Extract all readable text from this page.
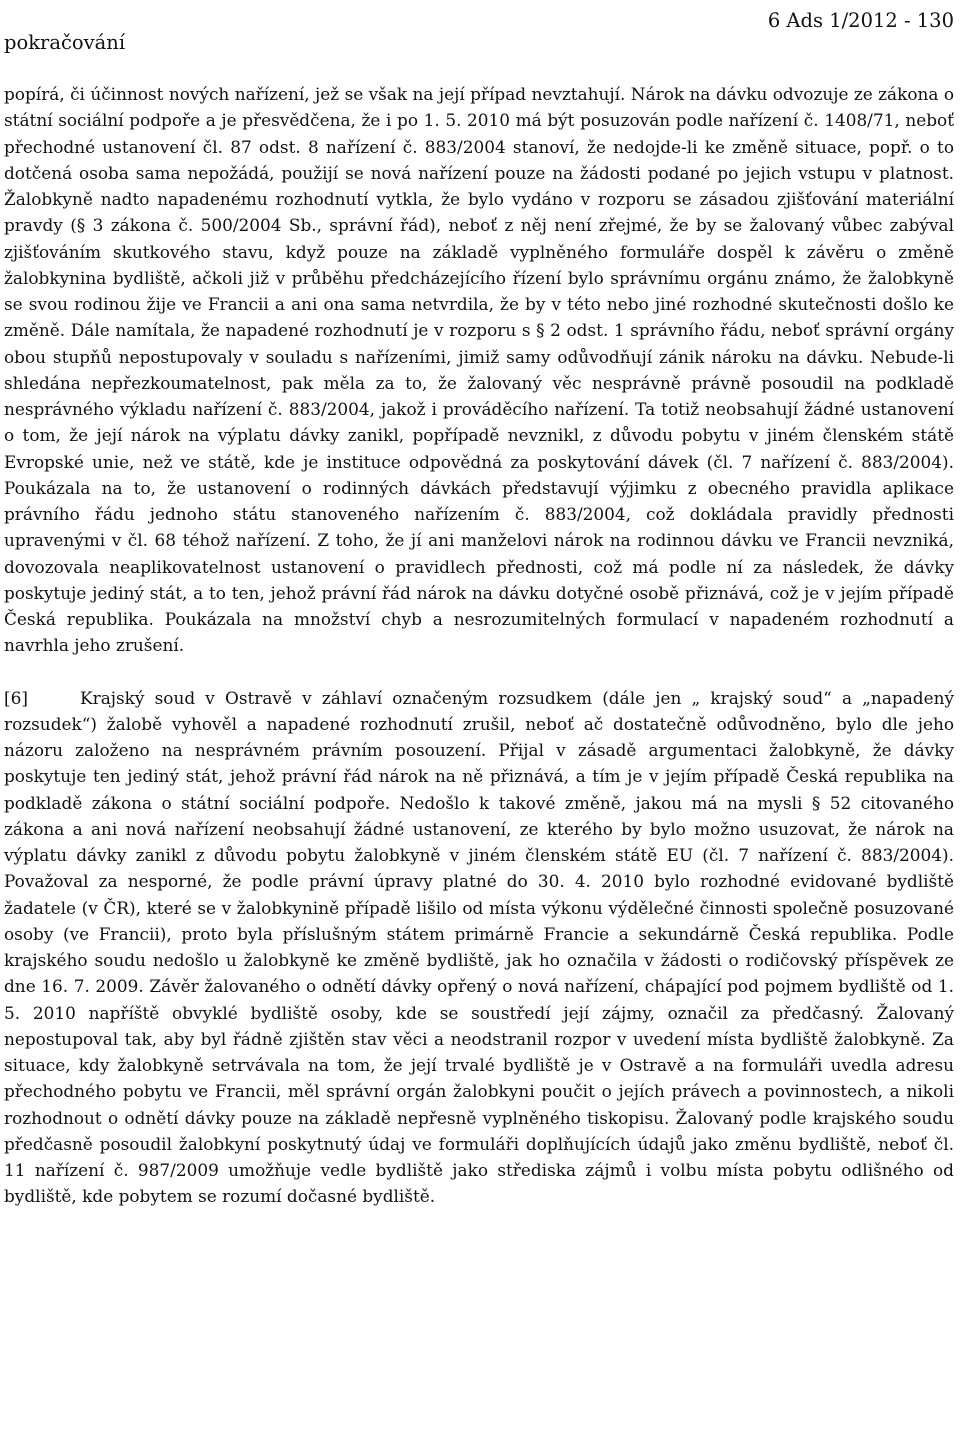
pokračování
6 Ads 1/2012 - 130

popírá, či účinnost nových nařízení, jež se však na její případ nevztahují. Nárok na dávku odvozuje ze zákona o státní sociální podpoře a je přesvědčena, že i po 1. 5. 2010 má být posuzován podle nařízení č. 1408/71, neboť přechodné ustanovení čl. 87 odst. 8 nařízení č. 883/2004 stanoví, že nedojde-li ke změně situace, popř. o to dotčená osoba sama nepožádá, použijí se nová nařízení pouze na žádosti podané po jejich vstupu v platnost. Žalobkyně nadto napadenému rozhodnutí vytkla, že bylo vydáno v rozporu se zásadou zjišťování materiální pravdy (§ 3 zákona č. 500/2004 Sb., správní řád), neboť z něj není zřejmé, že by se žalovaný vůbec zabýval zjišťováním skutkového stavu, když pouze na základě vyplněného formuláře dospěl k závěru o změně žalobkynina bydliště, ačkoli již v průběhu předcházejícího řízení bylo správnímu orgánu známo, že žalobkyně se svou rodinou žije ve Francii a ani ona sama netvrdila, že by v této nebo jiné rozhodné skutečnosti došlo ke změně. Dále namítala, že napadené rozhodnutí je v rozporu s § 2 odst. 1 správního řádu, neboť správní orgány obou stupňů nepostupovaly v souladu s nařízeními, jimiž samy odůvodňují zánik nároku na dávku. Nebude-li shledána nepřezkoumatelnost, pak měla za to, že žalovaný věc nesprávně právně posoudil na podkladě nesprávného výkladu nařízení č. 883/2004, jakož i prováděcího nařízení. Ta totiž neobsahují žádné ustanovení o tom, že její nárok na výplatu dávky zanikl, popřípadě nevznikl, z důvodu pobytu v jiném členském státě Evropské unie, než ve státě, kde je instituce odpovědná za poskytování dávek (čl. 7 nařízení č. 883/2004). Poukázala na to, že ustanovení o rodinných dávkách představují výjimku z obecného pravidla aplikace právního řádu jednoho státu stanoveného nařízením č. 883/2004, což dokládala pravidly přednosti upravenými v čl. 68 téhož nařízení. Z toho, že jí ani manželovi nárok na rodinnou dávku ve Francii nevzniká, dovozovala neaplikovatelnost ustanovení o pravidlech přednosti, což má podle ní za následek, že dávky poskytuje jediný stát, a to ten, jehož právní řád nárok na dávku dotyčné osobě přiznává, což je v jejím případě Česká republika. Poukázala na množství chyb a nesrozumitelných formulací v napadeném rozhodnutí a navrhla jeho zrušení.

[6]	Krajský soud v Ostravě v záhlaví označeným rozsudkem (dále jen „ krajský soud“ a „napadený rozsudek“) žalobě vyhověl a napadené rozhodnutí zrušil, neboť ač dostatečně odůvodněno, bylo dle jeho názoru založeno na nesprávném právním posouzení. Přijal v zásadě argumentaci žalobkyně, že dávky poskytuje ten jediný stát, jehož právní řád nárok na ně přiznává, a tím je v jejím případě Česká republika na podkladě zákona o státní sociální podpoře. Nedošlo k takové změně, jakou má na mysli § 52 citovaného zákona a ani nová nařízení neobsahují žádné ustanovení, ze kterého by bylo možno usuzovat, že nárok na výplatu dávky zanikl z důvodu pobytu žalobkyně v jiném členském státě EU (čl. 7 nařízení č. 883/2004). Považoval za nesporné, že podle právní úpravy platné do 30. 4. 2010 bylo rozhodné evidované bydliště žadatele (v ČR), které se v žalobkynině případě lišilo od místa výkonu výdělečné činnosti společně posuzované osoby (ve Francii), proto byla příslušným státem primárně Francie a sekundárně Česká republika. Podle krajského soudu nedošlo u žalobkyně ke změně bydliště, jak ho označila v žádosti o rodičovský příspěvek ze dne 16. 7. 2009. Závěr žalovaného o odnětí dávky opřený o nová nařízení, chápající pod pojmem bydliště od 1. 5. 2010 napříště obvyklé bydliště osoby, kde se soustředí její zájmy, označil za předčasný. Žalovaný nepostupoval tak, aby byl řádně zjištěn stav věci a neodstranil rozpor v uvedení místa bydliště žalobkyně. Za situace, kdy žalobkyně setrvávala na tom, že její trvalé bydliště je v Ostravě a na formuláři uvedla adresu přechodného pobytu ve Francii, měl správní orgán žalobkyni poučit o jejích právech a povinnostech, a nikoli rozhodnout o odnětí dávky pouze na základě nepřesně vyplněného tiskopisu. Žalovaný podle krajského soudu předčasně posoudil žalobkyní poskytnutý údaj ve formuláři doplňujících údajů jako změnu bydliště, neboť čl. 11 nařízení č. 987/2009 umožňuje vedle bydliště jako střediska zájmů i volbu místa pobytu odlišného od bydliště, kde pobytem se rozumí dočasné bydliště.
